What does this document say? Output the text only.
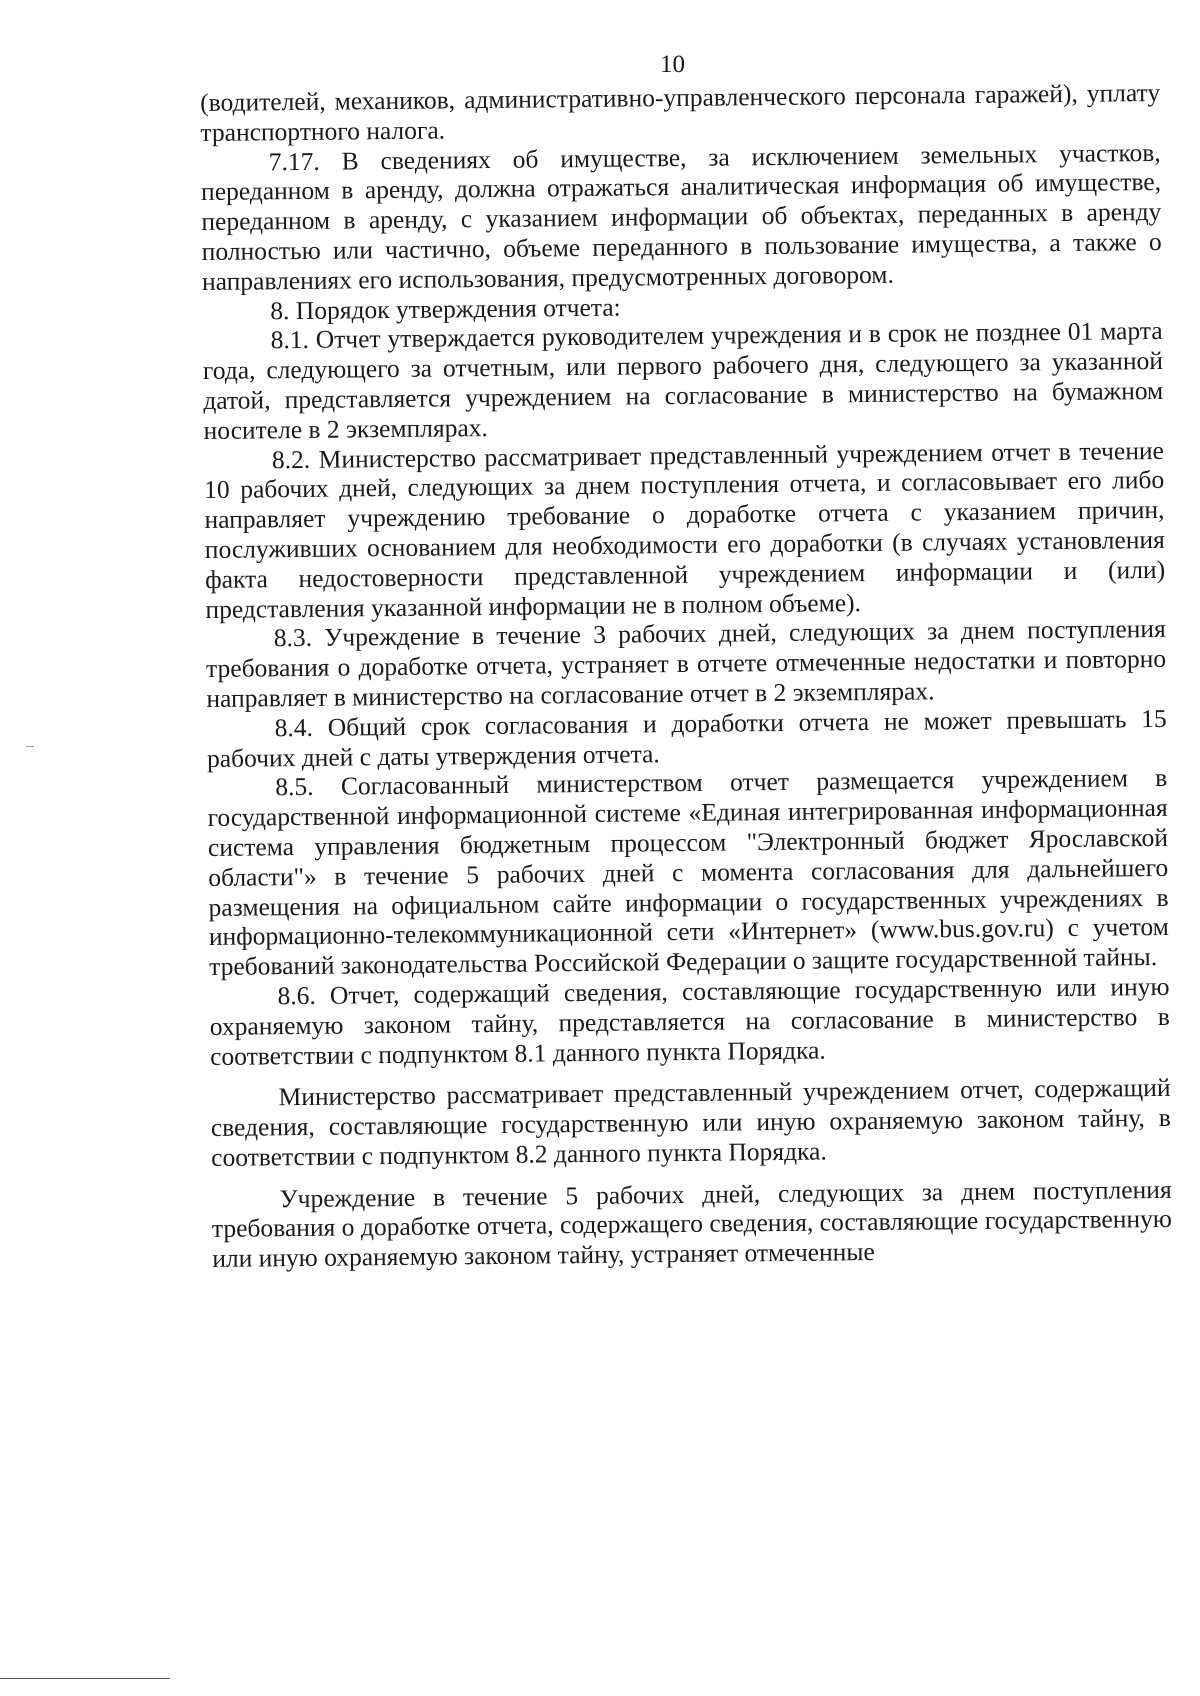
10

(водителей, механиков, административно-управленческого персонала гаражей), уплату транспортного налога.

7.17. В сведениях об имуществе, за исключением земельных участков, переданном в аренду, должна отражаться аналитическая информация об имуществе, переданном в аренду, с указанием информации об объектах, переданных в аренду полностью или частично, объеме переданного в пользование имущества, а также о направлениях его использования, предусмотренных договором.

8. Порядок утверждения отчета:

8.1. Отчет утверждается руководителем учреждения и в срок не позднее 01 марта года, следующего за отчетным, или первого рабочего дня, следующего за указанной датой, представляется учреждением на согласование в министерство на бумажном носителе в 2 экземплярах.

8.2. Министерство рассматривает представленный учреждением отчет в течение 10 рабочих дней, следующих за днем поступления отчета, и согласовывает его либо направляет учреждению требование о доработке отчета с указанием причин, послуживших основанием для необходимости его доработки (в случаях установления факта недостоверности представленной учреждением информации и (или) представления указанной информации не в полном объеме).

8.3. Учреждение в течение 3 рабочих дней, следующих за днем поступления требования о доработке отчета, устраняет в отчете отмеченные недостатки и повторно направляет в министерство на согласование отчет в 2 экземплярах.

8.4. Общий срок согласования и доработки отчета не может превышать 15 рабочих дней с даты утверждения отчета.

8.5. Согласованный министерством отчет размещается учреждением в государственной информационной системе «Единая интегрированная информационная система управления бюджетным процессом "Электронный бюджет Ярославской области"» в течение 5 рабочих дней с момента согласования для дальнейшего размещения на официальном сайте информации о государственных учреждениях в информационно-телекоммуникационной сети «Интернет» (www.bus.gov.ru) с учетом требований законодательства Российской Федерации о защите государственной тайны.

8.6. Отчет, содержащий сведения, составляющие государственную или иную охраняемую законом тайну, представляется на согласование в министерство в соответствии с подпунктом 8.1 данного пункта Порядка.

Министерство рассматривает представленный учреждением отчет, содержащий сведения, составляющие государственную или иную охраняемую законом тайну, в соответствии с подпунктом 8.2 данного пункта Порядка.

Учреждение в течение 5 рабочих дней, следующих за днем поступления требования о доработке отчета, содержащего сведения, составляющие государственную или иную охраняемую законом тайну, устраняет отмеченные
